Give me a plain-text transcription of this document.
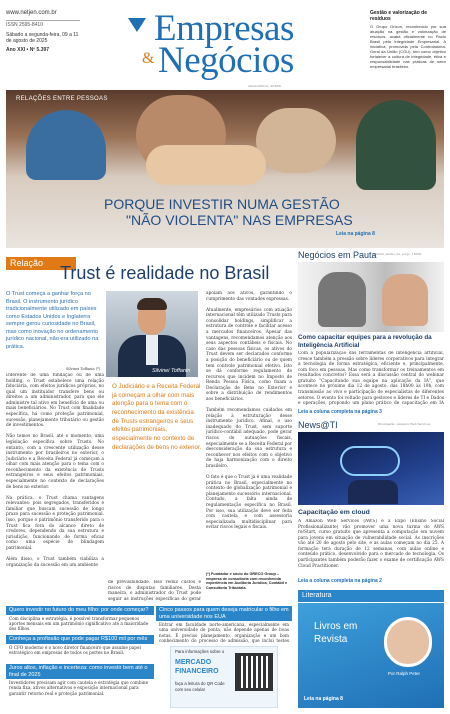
www.netjen.com.br
ISSN 2595-8410
Sábado a segunda-feira, 09 a 11 de agosto de 2025
Ano XXI • Nº 5.397
Empresas
& Negócios
AmazonPhoto_2038/K
Gestão e valorização de resíduos
O Grupo Orizon, reconhecido por sua atuação na gestão e valorização de resíduos, acaba oficialmente no Pacto Brasil pela Integridade Empresarial. A iniciativa, promovida pela Controladoria-Geral da União (CGU), tem como objetivo fortalecer a cultura de integridade, ética e responsabilidade nas práticas de setor empresarial brasileiro.
RELAÇÕES ENTRE PESSOAS
PORQUE INVESTIR NUMA GESTÃO
"NÃO VIOLENTA" NAS EMPRESAS
Leia na página 8
Relação fiduciária Trust é realidade no Brasil
O Trust começa a ganhar força no Brasil. O instrumento jurídico tradicionalmente utilizado em países como Estados Unidos e Inglaterra sempre gerou curiosidade no Brasil, mas como inovação no ordenamento jurídico nacional, não era utilizado na prática.
Silvinei Toffanin (*)	Silvinei Toffanin
Diferente de uma fundação ou de uma holding, o Trust estabelece uma relação fiduciária, com efeitos jurídicos próprios, no qual um instituidor transfere bens ou direitos a um administrador, para que ele administre tal ativo em benefício de uma ou mais beneficiários. No Trust com finalidade específica, há como proteção patrimonial, sucessão, planejamento tributário ou gestão de investimentos.

Não temos no Brasil, até o momento, uma legislação específica sobre Trusts. No entanto, com a crescente utilização desse instrumento por brasileiros no exterior, o Judiciário e a Receita Federal já começam a olhar com mais atenção para o tema com o reconhecimento da existência de Trusts estrangeiros e seus efeitos patrimoniais, especialmente no contexto de declarações de bens no exterior.

Na prática, o Trust chama vantagens relevantes: pois segregados, transferidos e familiar que buscam sucessão de longo prazo para sucessão e proteção patrimonial. Isso, porque o patrimônio transferido para o Trust fica fora do alcance direto de credores, dependendo da sua estrutura e jurisdição, funcionando de forma eficaz como uma espécie de blindagem patrimonial.

Além disso, o Trust também viabiliza a organização da sucessão em um ambiente
O Judiciário e a Receita Federal já começam a olhar com mais atenção para o tema com o reconhecimento da existência de Trusts estrangeiros e seus efeitos patrimoniais, especialmente no contexto de declarações de bens no exterior.
de previsibilidade. Isso reduz custos e riscos de disputas familiares. Desta maneira, o administrador do Trust pode seguir as instruções específicas do gerar
apoiam aos ativos, garantindo o cumprimento das vontades expressas.

Atualmente, empresários com atuação internacional têm utilizado Trusts para consolidar holdings, simplificar a estrutura de controle e facilitar acesso a mercados financeiros. Apesar das vantagens, recomendamos atenção aos seus aspectos contábeis e fiscais. No caso das pessoas físicas, os ativos do Trust devem ser declarados conforme a posição do beneficiário ou de quem tem controle patrimonial efetivo. Isto se dá conforme regulamento de recursos que incidem no Imposto de Renda Pessoa Física, como fixam a Declaração de Bens no Exterior e sobre a distribuição de rendimentos aos beneficiários.

Também recomendamos cuidados em relação à estruturação desse instrumento jurídico. Afinal, o uso inadequado do Trust, sem suporte jurídico-contábil adequado, pode gerar riscos de autuações fiscais, especialmente se a Receita Federal por desconsideração da sua estrutura e reconhecer nos efeitos com o objetivo de haja harmonização com o direito brasileiro.

O fato é que o Trust já é uma realidade prática no Brasil, especialmente no contexto de globalização patrimonial e planejamento sucessório internacional. Contudo, a falta ainda de regulamentação específica no Brasil. Por isso, sua utilização deve ser feita com cautela e com assessoria especializada multidisciplinar para evitar riscos legais e fiscais.
(*) Fundador e sócio do GRECO Group – empresa de consultoria com reconhecida experiência em Auditoria Jurídica, Contábil e Consultoria Tributária.
Quero investir no futuro do meu filho: por onde começar?
Com disciplina e estratégia, é possível transformar pequenos aportes mensais em um patrimônio significativo até a maioridade dos filhos.
Conheça a profissão que pode pagar R$100 mil por mês
O CFO moderno é o novo diretor financeiro que assume papel estratégico em empresas de todos os portes no Brasil.
Juros altos, inflação e incerteza: como investir bem até o final de 2025
Investidores precisam agir com cautela e estratégia que combine renda fixa, ativos alternativos e exposição internacional para garantir retorno real e proteção patrimonial.
Cinco passos para quem deseja matricular o filho em uma universidade nos EUA
Entrar em faculdade norte-americana, especialmente em uma universidade de ponta, não depende apenas de boas notas. É preciso planejamento, organização e um bom conhecimento do processo de admissão, que inclui testes
Para informações sobre o
MERCADO
FINANCEIRO
faça a leitura do QR Code com seu celular
Negócios em Pauta
cafundó_studio_de_sorgo_15000
Como capacitar equipes para a revolução da Inteligência Artificial
Com a popularização das ferramentas de inteligência artificial, cresce também a pressão sobre líderes corporativos para integrar a tecnologia de forma estratégica, eficiente e, principalmente, com foco em pessoas. Mas como transformar os treinamentos em resultados concretos? Essa será a discussão central do webinar gratuito "Capacitando sua equipe na aplicação da IA", que acontece no próximo dia 12 de agosto, das 18h00 às 19h, com transmissão ao vivo e participação de especialistas de diferentes setores. O evento foi voltado para gestores e líderes de TI e Dados e operações, propondo um plano prático de capacitação em IA
Leia a coluna completa na página 3
News@TI	Divulgação: Amazon Web Services
Capacitação em cloud
A Amazon Web Services (AWS) e a Expo (Ensino Social Profissionalizante) vão promover uma nova turma do AWS re/Start, curso gratuito que apresenta a computação em nuvem para jovens em situação de vulnerabilidade social. As inscrições vão até 20 de agosto pelo site, e as aulas começam no dia 25. A formação terá duração de 12 semanas, com aulas online e conteúdo prático, desenvolvido para o mercado de tecnologia. Os participantes também poderão fazer o exame de certificação AWS Cloud Practitioner.
Leia a coluna completa na página 2
Literatura
Livros em
Revista
Por Ralph Peter
Leia na página 8
